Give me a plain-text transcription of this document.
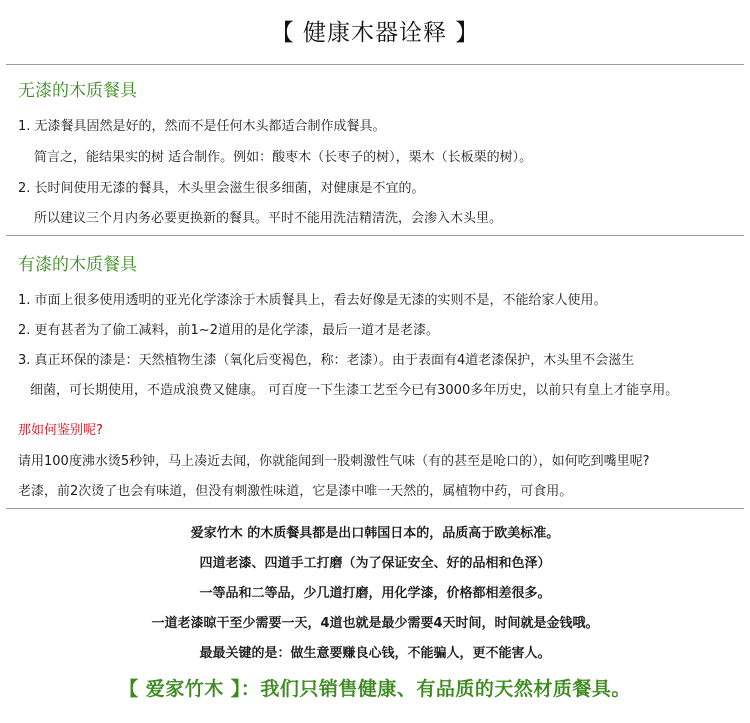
【 健康木器诠释 】
无漆的木质餐具
1. 无漆餐具固然是好的，然而不是任何木头都适合制作成餐具。
简言之，能结果实的树 适合制作。例如：酸枣木（长枣子的树），栗木（长板栗的树）。
2. 长时间使用无漆的餐具，木头里会滋生很多细菌，对健康是不宜的。
所以建议三个月内务必要更换新的餐具。平时不能用洗洁精清洗，会渗入木头里。
有漆的木质餐具
1. 市面上很多使用透明的亚光化学漆涂于木质餐具上，看去好像是无漆的实则不是，不能给家人使用。
2. 更有甚者为了偷工减料，前1~2道用的是化学漆，最后一道才是老漆。
3. 真正环保的漆是：天然植物生漆（氧化后变褐色，称：老漆）。由于表面有4道老漆保护，木头里不会滋生
细菌，可长期使用，不造成浪费又健康。 可百度一下生漆工艺至今已有3000多年历史，以前只有皇上才能享用。
那如何鉴别呢?
请用100度沸水烫5秒钟，马上凑近去闻，你就能闻到一股刺激性气味（有的甚至是呛口的），如何吃到嘴里呢?
老漆，前2次烫了也会有味道，但没有刺激性味道，它是漆中唯一天然的，属植物中药，可食用。
爱家竹木 的木质餐具都是出口韩国日本的，品质高于欧美标准。
四道老漆、四道手工打磨（为了保证安全、好的品相和色泽）
一等品和二等品，少几道打磨，用化学漆，价格都相差很多。
一道老漆晾干至少需要一天，4道也就是最少需要4天时间，时间就是金钱哦。
最最关键的是：做生意要赚良心钱，不能骗人，更不能害人。
【 爱家竹木 】：我们只销售健康、有品质的天然材质餐具。
